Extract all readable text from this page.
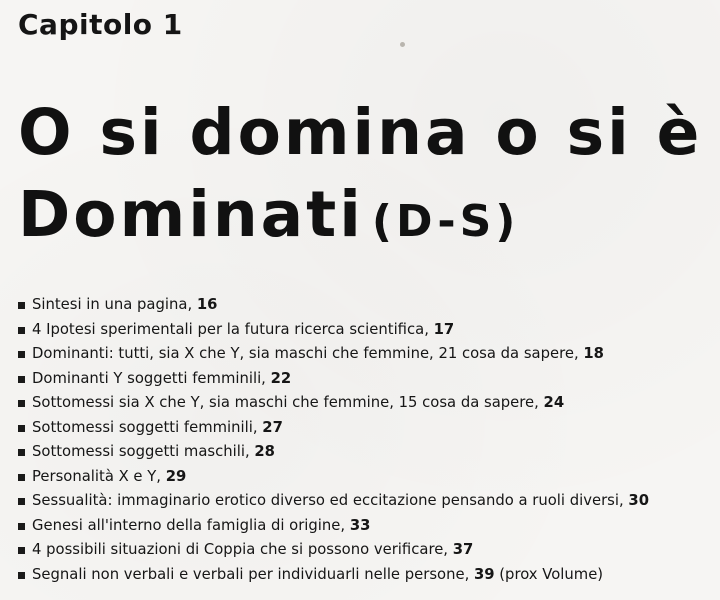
Capitolo 1
O si domina o si è
Dominati (D-S)
Sintesi in una pagina, 16
4 Ipotesi sperimentali per la futura ricerca scientifica, 17
Dominanti: tutti, sia X che Y, sia maschi che femmine, 21 cosa da sapere, 18
Dominanti Y soggetti femminili, 22
Sottomessi sia X che Y, sia maschi che femmine, 15 cosa da sapere, 24
Sottomessi soggetti femminili, 27
Sottomessi soggetti maschili, 28
Personalità X e Y, 29
Sessualità: immaginario erotico diverso ed eccitazione pensando a ruoli diversi, 30
Genesi all'interno della famiglia di origine, 33
4 possibili situazioni di Coppia che si possono verificare, 37
Segnali non verbali e verbali per individuarli nelle persone, 39 (prox Volume)
